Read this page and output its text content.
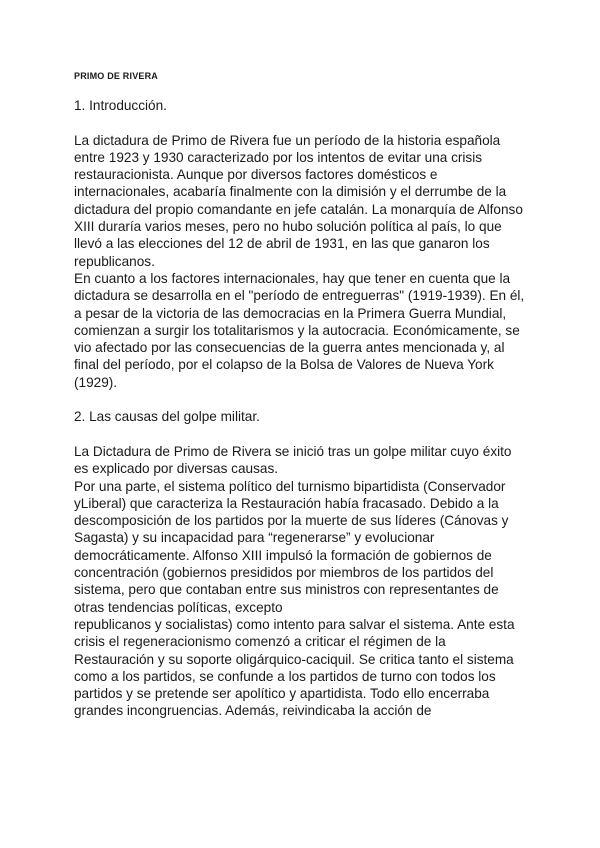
PRIMO DE RIVERA

1. Introducción.

La dictadura de Primo de Rivera fue un período de la historia española entre 1923 y 1930 caracterizado por los intentos de evitar una crisis restauracionista. Aunque por diversos factores domésticos e internacionales, acabaría finalmente con la dimisión y el derrumbe de la dictadura del propio comandante en jefe catalán. La monarquía de Alfonso XIII duraría varios meses, pero no hubo solución política al país, lo que llevó a las elecciones del 12 de abril de 1931, en las que ganaron los republicanos.

En cuanto a los factores internacionales, hay que tener en cuenta que la dictadura se desarrolla en el "período de entreguerras" (1919-1939). En él, a pesar de la victoria de las democracias en la Primera Guerra Mundial, comienzan a surgir los totalitarismos y la autocracia. Económicamente, se vio afectado por las consecuencias de la guerra antes mencionada y, al final del período, por el colapso de la Bolsa de Valores de Nueva York (1929).

2. Las causas del golpe militar.

La Dictadura de Primo de Rivera se inició tras un golpe militar cuyo éxito es explicado por diversas causas.

Por una parte, el sistema político del turnismo bipartidista (Conservador yLiberal) que caracteriza la Restauración había fracasado. Debido a la descomposición de los partidos por la muerte de sus líderes (Cánovas y Sagasta) y su incapacidad para “regenerarse” y evolucionar democráticamente. Alfonso XIII impulsó la formación de gobiernos de concentración (gobiernos presididos por miembros de los partidos del sistema, pero que contaban entre sus ministros con representantes de otras tendencias políticas, excepto

republicanos y socialistas) como intento para salvar el sistema. Ante esta crisis el regeneracionismo comenzó a criticar el régimen de la Restauración y su soporte oligárquico-caciquil. Se critica tanto el sistema como a los partidos, se confunde a los partidos de turno con todos los partidos y se pretende ser apolítico y apartidista. Todo ello encerraba grandes incongruencias. Además, reivindicaba la acción de
